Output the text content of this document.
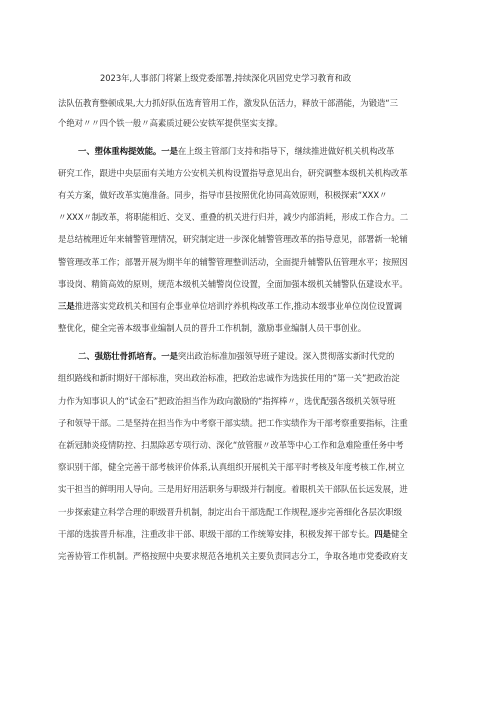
2023年,人事部门将紧上级党委部署,持续深化巩固党史学习教育和政
法队伍教育整顿成果,大力抓好队伍选育管用工作，激发队伍活力，释放干部潜能，为锻造“三
个绝对〃〃四个铁一般〃高素质过硬公安铁军提供坚实支撑。
一、塑体重构提效能。一是在上级主管部门支持和指导下，继续推进做好机关机构改革
研究工作，跟进中央层面有关地方公安机关机构设置指导意见出台，研究调整本级机关机构改革
有关方案，做好改革实施准备。同步，指导市县按照优化协同高效原则，积极探索“XXX〃
〃XXX〃制改革，将职能相近、交叉、重叠的机关进行归并，减少内部消耗，形成工作合力。二
是总结梳理近年来辅警管理情况，研究制定进一步深化辅警管理改革的指导意见，部署新一轮辅
警管理改革工作；部署开展为期半年的辅警管理整训活动，全面提升辅警队伍管理水平；按照因
事设岗、精简高效的原则，规范本级机关辅警岗位设置，全面加强本级机关辅警队伍建设水平。
三是推进落实党政机关和国有企事业单位培训疗养机构改革工作,推动本级事业单位岗位设置调
整优化，健全完善本级事业编制人员的晋升工作机制，激励事业编制人员干事创业。
二、强筋壮骨抓培育。一是突出政治标准加强领导班子建设。深入贯彻落实新时代党的
组织路线和新时期好干部标准，突出政治标准，把政治忠诚作为选拔任用的“第一关”把政治淀
力作为知事识人的“试金石”把政治担当作为政向激励的“指挥棒〃，选优配强各级机关领导班
子和领导干部。二是坚持在担当作为中考察干部实绩。把工作实绩作为干部考察重要指标，注重
在新冠肺炎疫情防控、扫黑除恶专项行动、深化“放管服〃改革等中心工作和急难险重任务中考
察识别干部，健全完善干部考核评价体系,认真组织开展机关干部平时考核及年度考核工作,树立
实干担当的鲜明用人导向。三是用好用活职务与职级并行制度。着眼机关干部队伍长远发展，进
一步探索建立科学合理的职级晋升机制，制定出台干部选配工作规程,逐步完善细化各层次职级
干部的选拔晋升标准，注重改非干部、职级干部的工作统筹安排，积极发挥干部专长。四是健全
完善协管工作机制。严格按照中央要求规范各地机关主要负责同志分工，争取各地市党委政府支
